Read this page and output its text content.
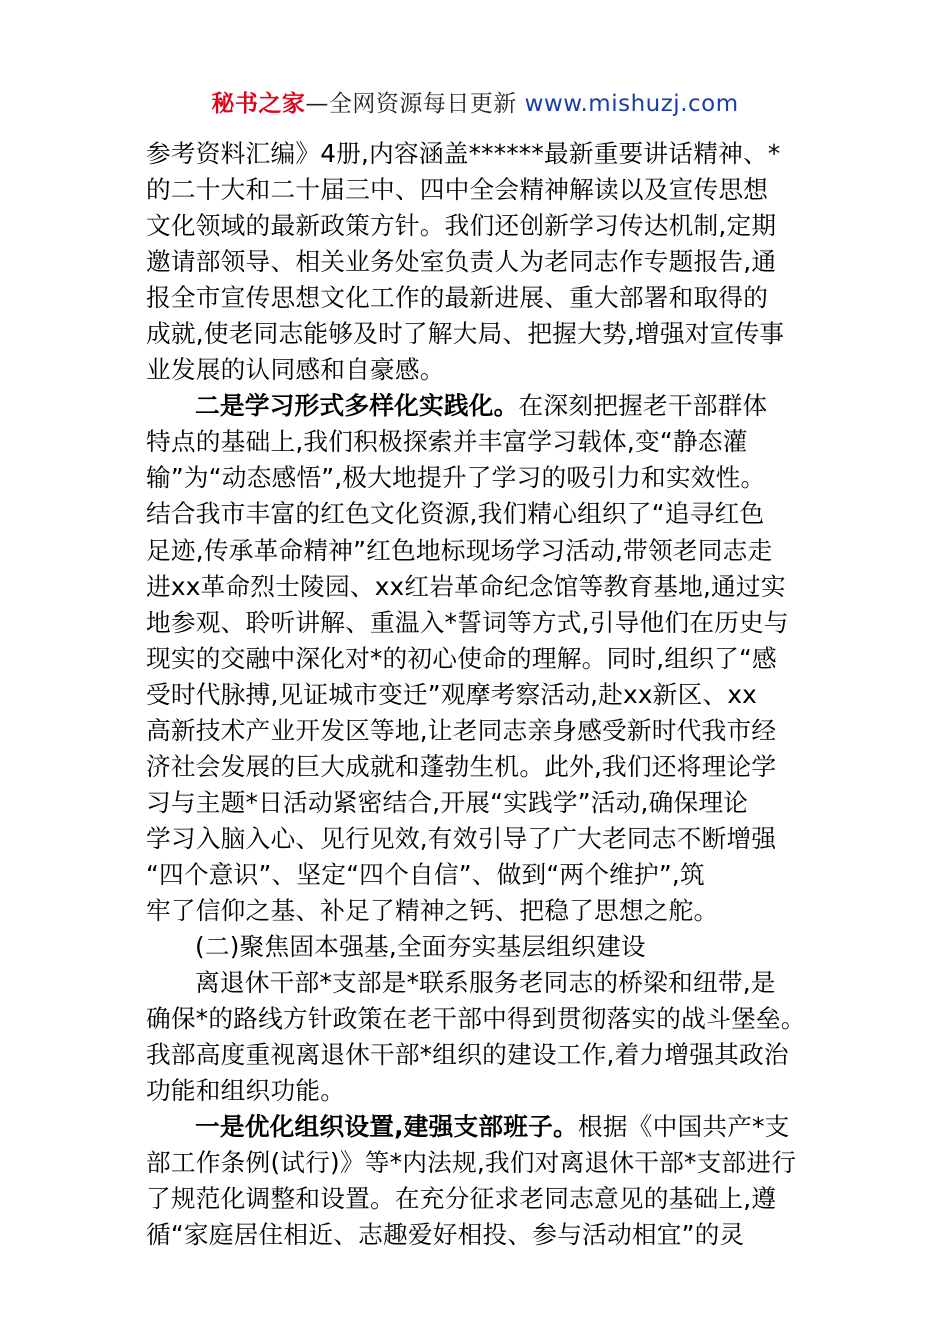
秘书之家—全网资源每日更新 www.mishuzj.com
参考资料汇编》4册,内容涵盖******最新重要讲话精神、*
的二十大和二十届三中、四中全会精神解读以及宣传思想
文化领域的最新政策方针。我们还创新学习传达机制,定期
邀请部领导、相关业务处室负责人为老同志作专题报告,通
报全市宣传思想文化工作的最新进展、重大部署和取得的
成就,使老同志能够及时了解大局、把握大势,增强对宣传事
业发展的认同感和自豪感。
二是学习形式多样化实践化。在深刻把握老干部群体
特点的基础上,我们积极探索并丰富学习载体,变“静态灌
输”为“动态感悟”,极大地提升了学习的吸引力和实效性。
结合我市丰富的红色文化资源,我们精心组织了“追寻红色
足迹,传承革命精神”红色地标现场学习活动,带领老同志走
进xx革命烈士陵园、xx红岩革命纪念馆等教育基地,通过实
地参观、聆听讲解、重温入*誓词等方式,引导他们在历史与
现实的交融中深化对*的初心使命的理解。同时,组织了“感
受时代脉搏,见证城市变迁”观摩考察活动,赴xx新区、xx
高新技术产业开发区等地,让老同志亲身感受新时代我市经
济社会发展的巨大成就和蓬勃生机。此外,我们还将理论学
习与主题*日活动紧密结合,开展“实践学”活动,确保理论
学习入脑入心、见行见效,有效引导了广大老同志不断增强
“四个意识”、坚定“四个自信”、做到“两个维护”,筑
牢了信仰之基、补足了精神之钙、把稳了思想之舵。
(二)聚焦固本强基,全面夯实基层组织建设
离退休干部*支部是*联系服务老同志的桥梁和纽带,是
确保*的路线方针政策在老干部中得到贯彻落实的战斗堡垒。
我部高度重视离退休干部*组织的建设工作,着力增强其政治
功能和组织功能。
一是优化组织设置,建强支部班子。根据《中国共产*支
部工作条例(试行)》等*内法规,我们对离退休干部*支部进行
了规范化调整和设置。在充分征求老同志意见的基础上,遵
循“家庭居住相近、志趣爱好相投、参与活动相宜”的灵
